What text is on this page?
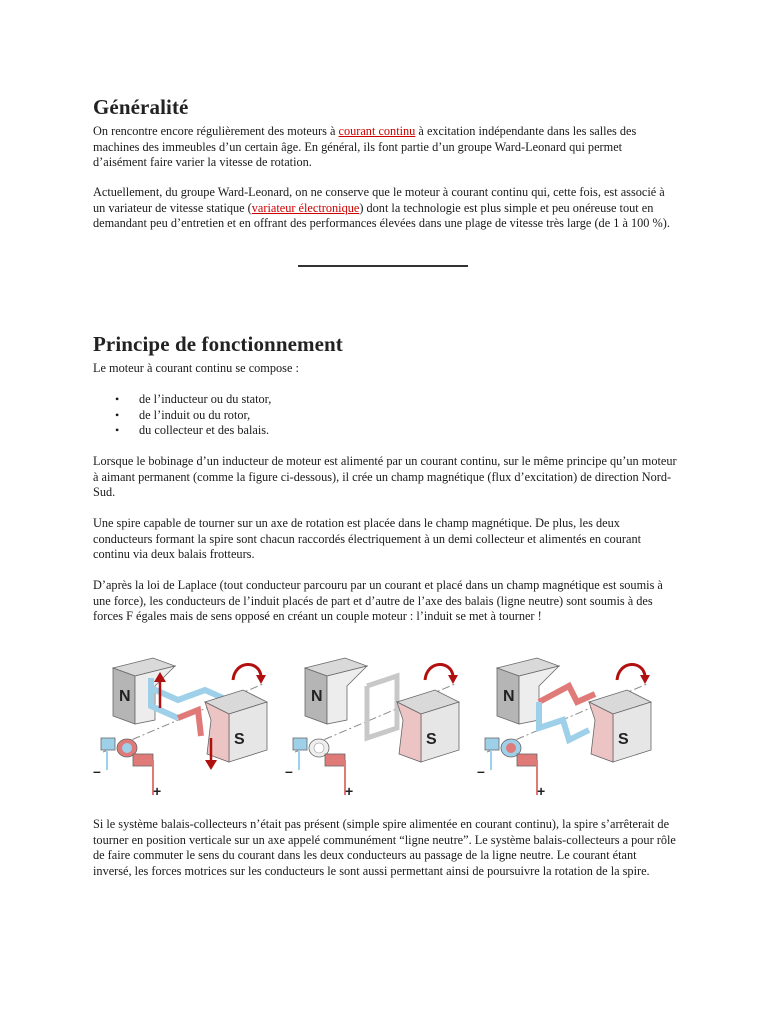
Généralité

On rencontre encore régulièrement des moteurs à courant continu à excitation indépendante dans les salles des machines des immeubles d’un certain âge. En général, ils font partie d’un groupe Ward-Leonard qui permet d’aisément faire varier la vitesse de rotation.

Actuellement, du groupe Ward-Leonard, on ne conserve que le moteur à courant continu qui, cette fois, est associé à un variateur de vitesse statique (variateur électronique) dont la technologie est plus simple et peu onéreuse tout en demandant peu d’entretien et en offrant des performances élevées dans une plage de vitesse très large (de 1 à 100 %).

Principe de fonctionnement

Le moteur à courant continu se compose :

• de l’inducteur ou du stator,
• de l’induit ou du rotor,
• du collecteur et des balais.

Lorsque le bobinage d’un inducteur de moteur est alimenté par un courant continu, sur le même principe qu’un moteur à aimant permanent (comme la figure ci-dessous), il crée un champ magnétique (flux d’excitation) de direction Nord-Sud.

Une spire capable de tourner sur un axe de rotation est placée dans le champ magnétique. De plus, les deux conducteurs formant la spire sont chacun raccordés électriquement à un demi collecteur et alimentés en courant continu via deux balais frotteurs.

D’après la loi de Laplace (tout conducteur parcouru par un courant et placé dans un champ magnétique est soumis à une force), les conducteurs de l’induit placés de part et d’autre de l’axe des balais (ligne neutre) sont soumis à des forces F égales mais de sens opposé en créant un couple moteur : l’induit se met à tourner !

N
S
–
+
N
S
–
+
N
S
–
+

Si le système balais-collecteurs n’était pas présent (simple spire alimentée en courant continu), la spire s’arrêterait de tourner en position verticale sur un axe appelé communément “ligne neutre”. Le système balais-collecteurs a pour rôle de faire commuter le sens du courant dans les deux conducteurs au passage de la ligne neutre. Le courant étant inversé, les forces motrices sur les conducteurs le sont aussi permettant ainsi de poursuivre la rotation de la spire.
